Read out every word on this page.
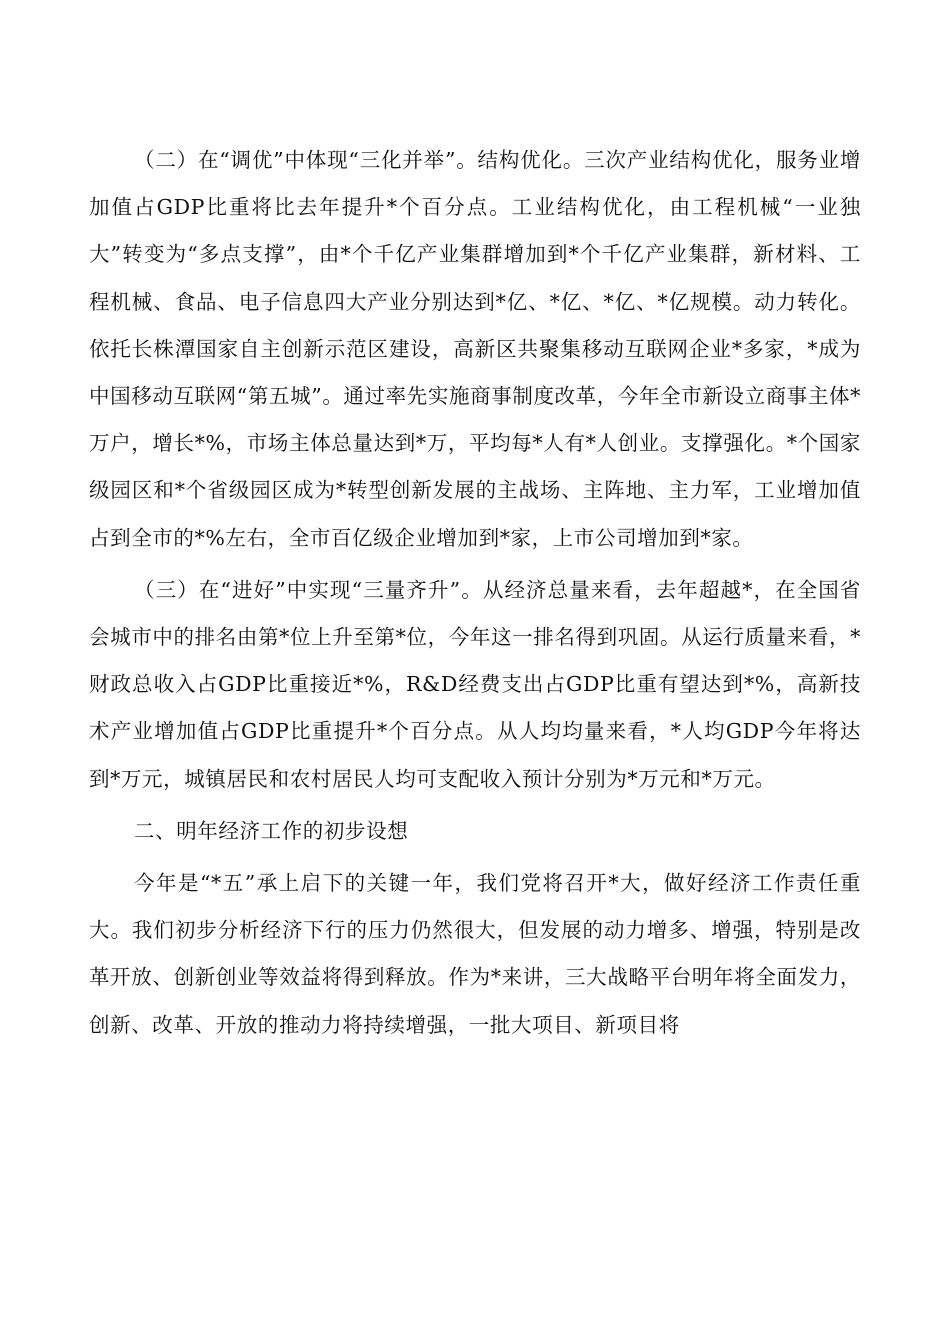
（二）在“调优”中体现“三化并举”。结构优化。三次产业结构优化，服务业增加值占GDP比重将比去年提升*个百分点。工业结构优化，由工程机械“一业独大”转变为“多点支撑”，由*个千亿产业集群增加到*个千亿产业集群，新材料、工程机械、食品、电子信息四大产业分别达到*亿、*亿、*亿、*亿规模。动力转化。依托长株潭国家自主创新示范区建设，高新区共聚集移动互联网企业*多家，*成为中国移动互联网“第五城”。通过率先实施商事制度改革，今年全市新设立商事主体*万户，增长*%，市场主体总量达到*万，平均每*人有*人创业。支撑强化。*个国家级园区和*个省级园区成为*转型创新发展的主战场、主阵地、主力军，工业增加值占到全市的*%左右，全市百亿级企业增加到*家，上市公司增加到*家。

（三）在“进好”中实现“三量齐升”。从经济总量来看，去年超越*，在全国省会城市中的排名由第*位上升至第*位，今年这一排名得到巩固。从运行质量来看，*财政总收入占GDP比重接近*%，R&D经费支出占GDP比重有望达到*%，高新技术产业增加值占GDP比重提升*个百分点。从人均均量来看，*人均GDP今年将达到*万元，城镇居民和农村居民人均可支配收入预计分别为*万元和*万元。

二、明年经济工作的初步设想

今年是“*五”承上启下的关键一年，我们党将召开*大，做好经济工作责任重大。我们初步分析经济下行的压力仍然很大，但发展的动力增多、增强，特别是改革开放、创新创业等效益将得到释放。作为*来讲，三大战略平台明年将全面发力，创新、改革、开放的推动力将持续增强，一批大项目、新项目将
